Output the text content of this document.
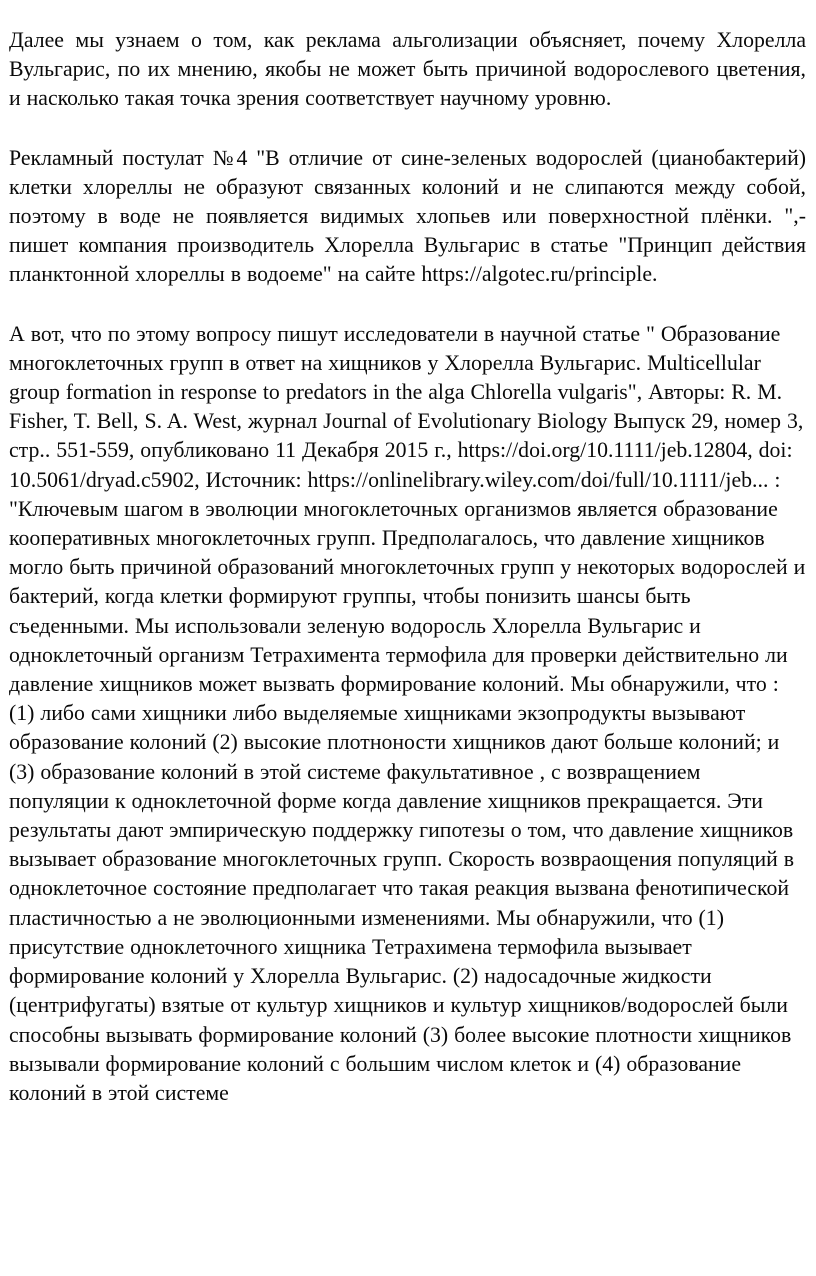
Далее мы узнаем о том, как реклама альголизации объясняет, почему Хлорелла Вульгарис, по их мнению, якобы не может быть причиной водорослевого цветения, и насколько такая точка зрения соответствует научному уровню.

Рекламный постулат №4 "В отличие от сине-зеленых водорослей (цианобактерий) клетки хлореллы не образуют связанных колоний и не слипаются между собой, поэтому в воде не появляется видимых хлопьев или поверхностной плёнки. ",- пишет компания производитель Хлорелла Вульгарис в статье "Принцип действия планктонной хлореллы в водоеме" на сайте https://algotec.ru/principle.

А вот, что по этому вопросу пишут исследователи в научной статье " Образование многоклеточных групп в ответ на хищников у Хлорелла Вульгарис. Multicellular group formation in response to predators in the alga Chlorella vulgaris", Авторы: R. M. Fisher, T. Bell, S. A. West, журнал Journal of Evolutionary Biology Выпуск 29, номер 3, стр.. 551-559, опубликовано 11 Декабря 2015 г., https://doi.org/10.1111/jeb.12804, doi: 10.5061/dryad.c5902, Источник: https://onlinelibrary.wiley.com/doi/full/10.1111/jeb... : "Ключевым шагом в эволюции многоклеточных организмов является образование кооперативных многоклеточных групп. Предполагалось, что давление хищников могло быть причиной образований многоклеточных групп у некоторых водорослей и бактерий, когда клетки формируют группы, чтобы понизить шансы быть съеденными. Мы использовали зеленую водоросль Хлорелла Вульгарис и одноклеточный организм Тетрахимента термофила для проверки действительно ли давление хищников может вызвать формирование колоний. Мы обнаружили, что : (1) либо сами хищники либо выделяемые хищниками экзопродукты вызывают образование колоний (2) высокие плотноности хищников дают больше колоний; и (3) образование колоний в этой системе факультативное , с возвращением популяции к одноклеточной форме когда давление хищников прекращается. Эти результаты дают эмпирическую поддержку гипотезы о том, что давление хищников вызывает образование многоклеточных групп. Скорость возвраощения популяций в одноклеточное состояние предполагает что такая реакция вызвана фенотипической пластичностью а не эволюционными изменениями. Мы обнаружили, что (1) присутствие одноклеточного хищника Тетрахимена термофила вызывает формирование колоний у Хлорелла Вульгарис. (2) надосадочные жидкости (центрифугаты) взятые от культур хищников и культур хищников/водорослей были способны вызывать формирование колоний (3) более высокие плотности хищников вызывали формирование колоний с большим числом клеток и (4) образование колоний в этой системе
